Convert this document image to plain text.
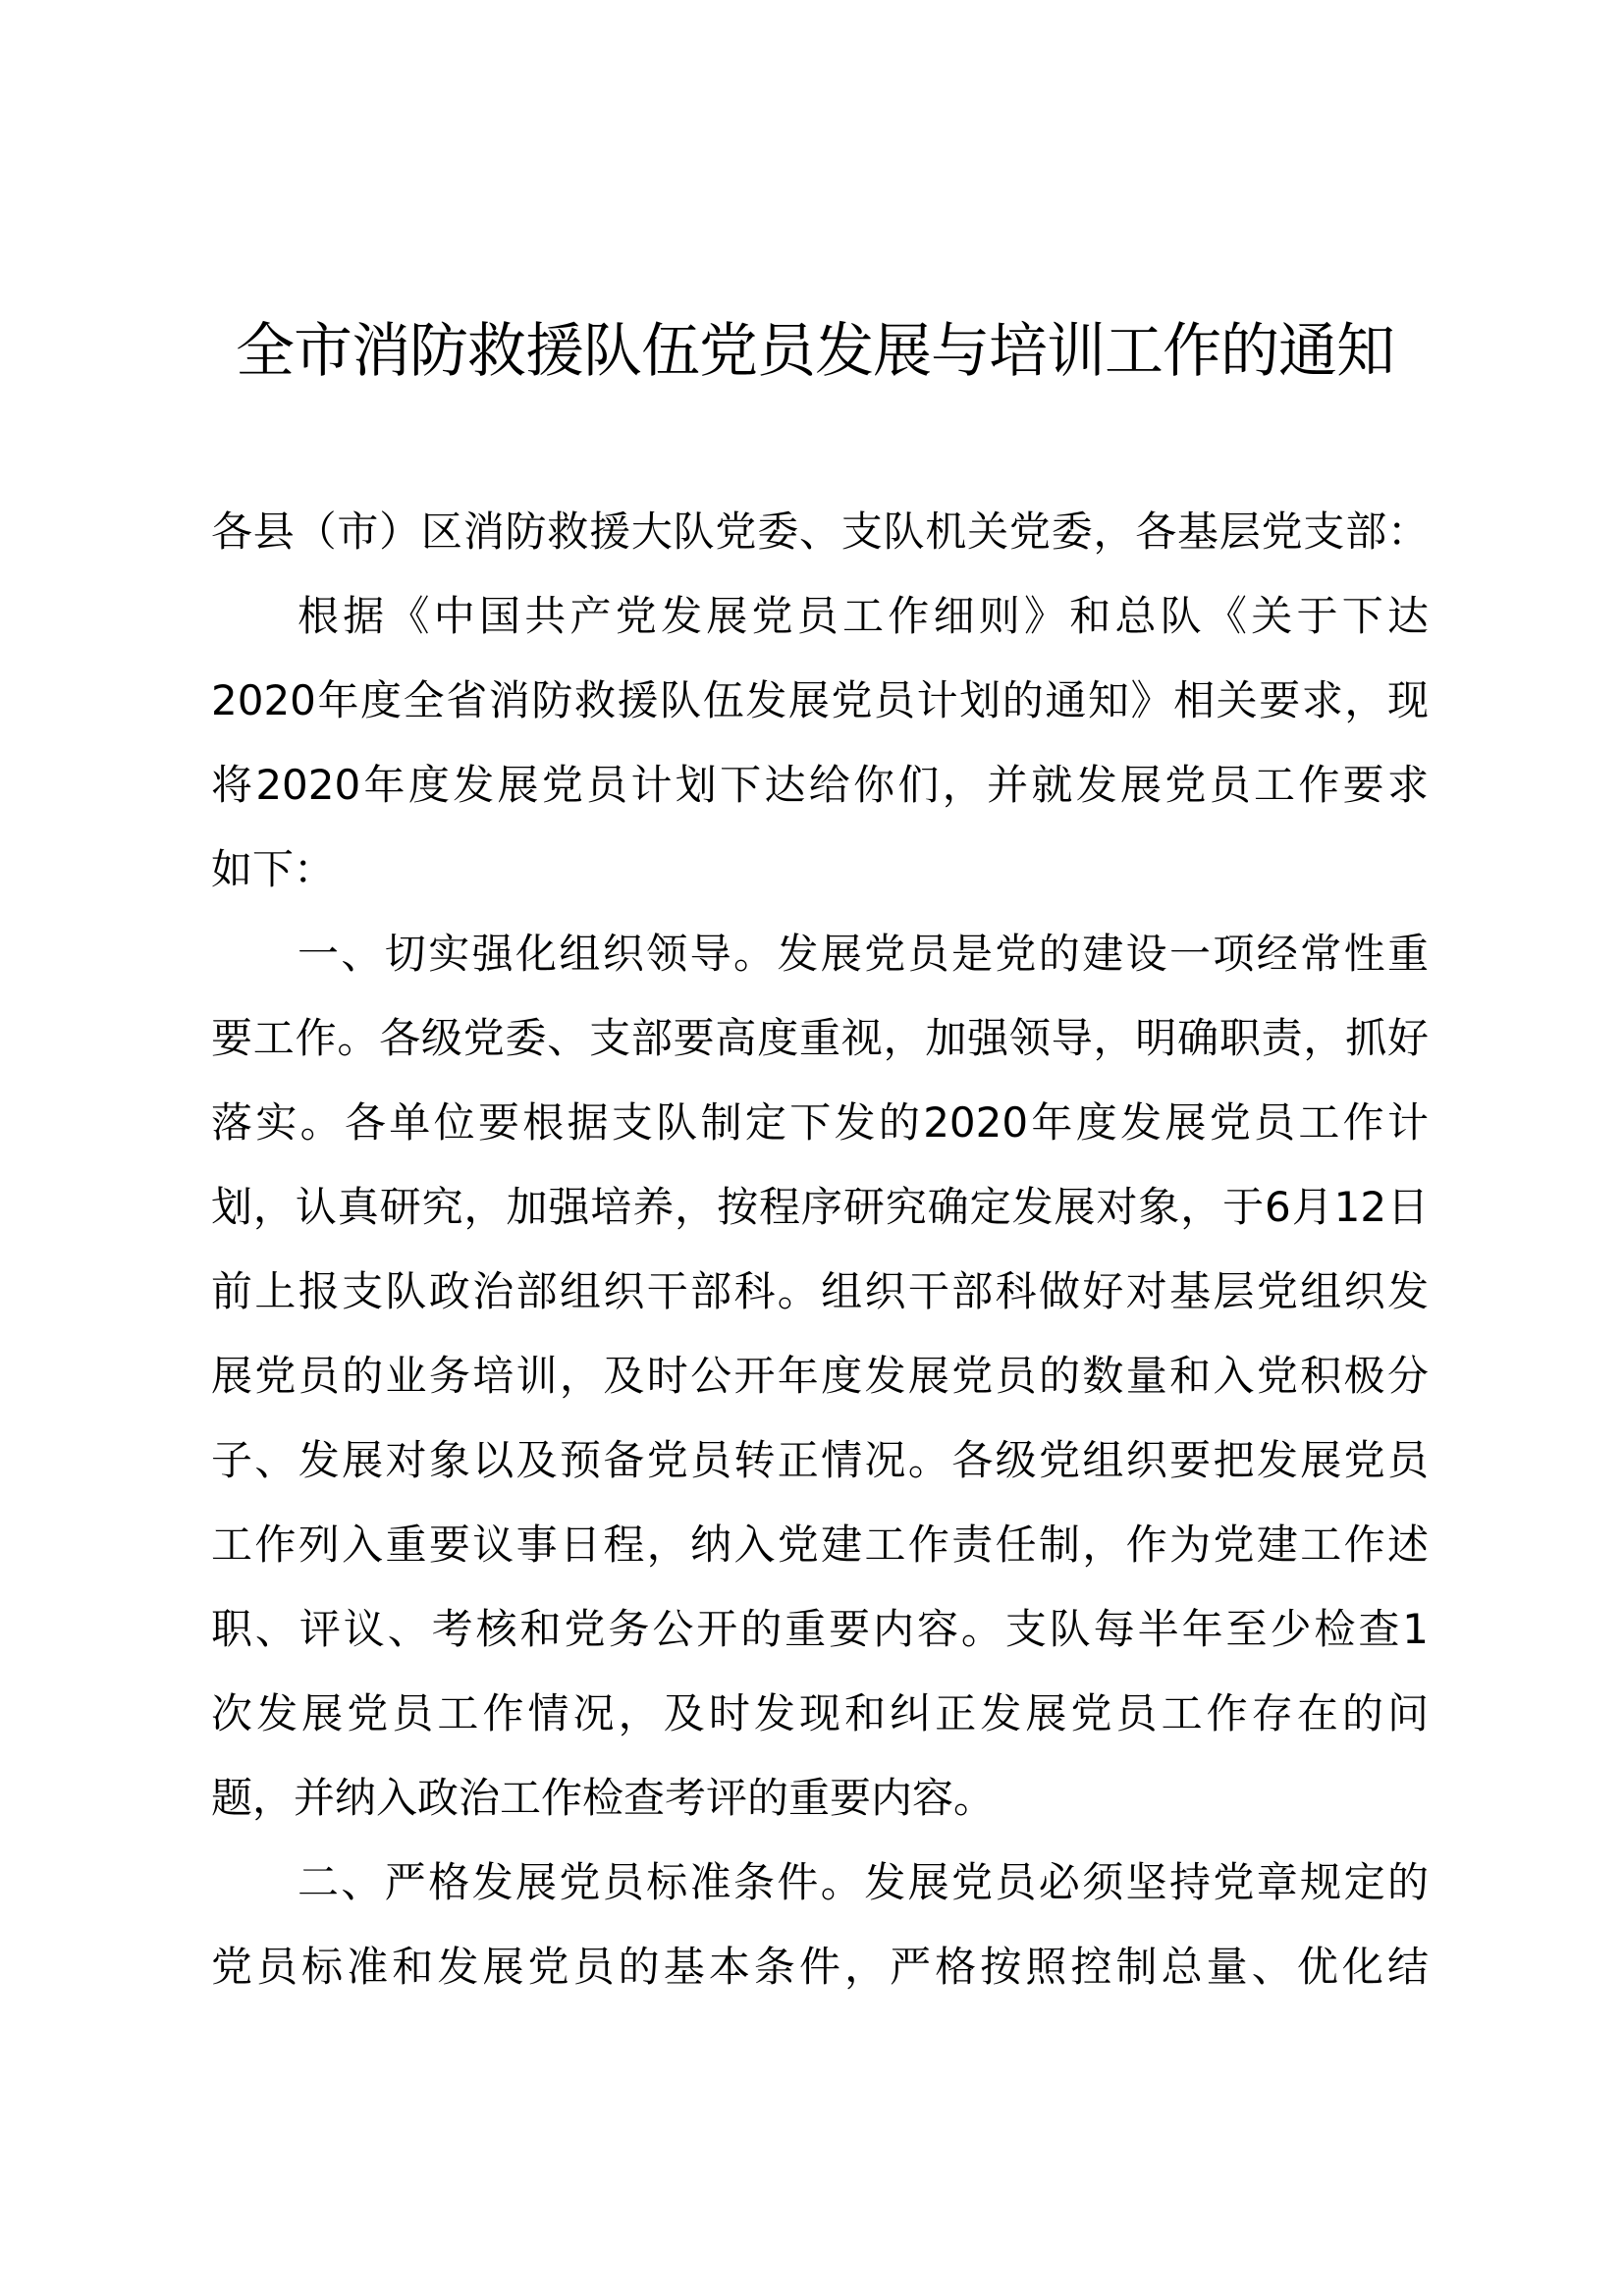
全市消防救援队伍党员发展与培训工作的通知
各县（市）区消防救援大队党委、支队机关党委，各基层党支部：
根据《中国共产党发展党员工作细则》和总队《关于下达
2020年度全省消防救援队伍发展党员计划的通知》相关要求，现
将2020年度发展党员计划下达给你们，并就发展党员工作要求
如下：
一、切实强化组织领导。发展党员是党的建设一项经常性重
要工作。各级党委、支部要高度重视，加强领导，明确职责，抓好
落实。各单位要根据支队制定下发的2020年度发展党员工作计
划，认真研究，加强培养，按程序研究确定发展对象，于6月12日
前上报支队政治部组织干部科。组织干部科做好对基层党组织发
展党员的业务培训，及时公开年度发展党员的数量和入党积极分
子、发展对象以及预备党员转正情况。各级党组织要把发展党员
工作列入重要议事日程，纳入党建工作责任制，作为党建工作述
职、评议、考核和党务公开的重要内容。支队每半年至少检查1
次发展党员工作情况，及时发现和纠正发展党员工作存在的问
题，并纳入政治工作检查考评的重要内容。
二、严格发展党员标准条件。发展党员必须坚持党章规定的
党员标准和发展党员的基本条件，严格按照控制总量、优化结
